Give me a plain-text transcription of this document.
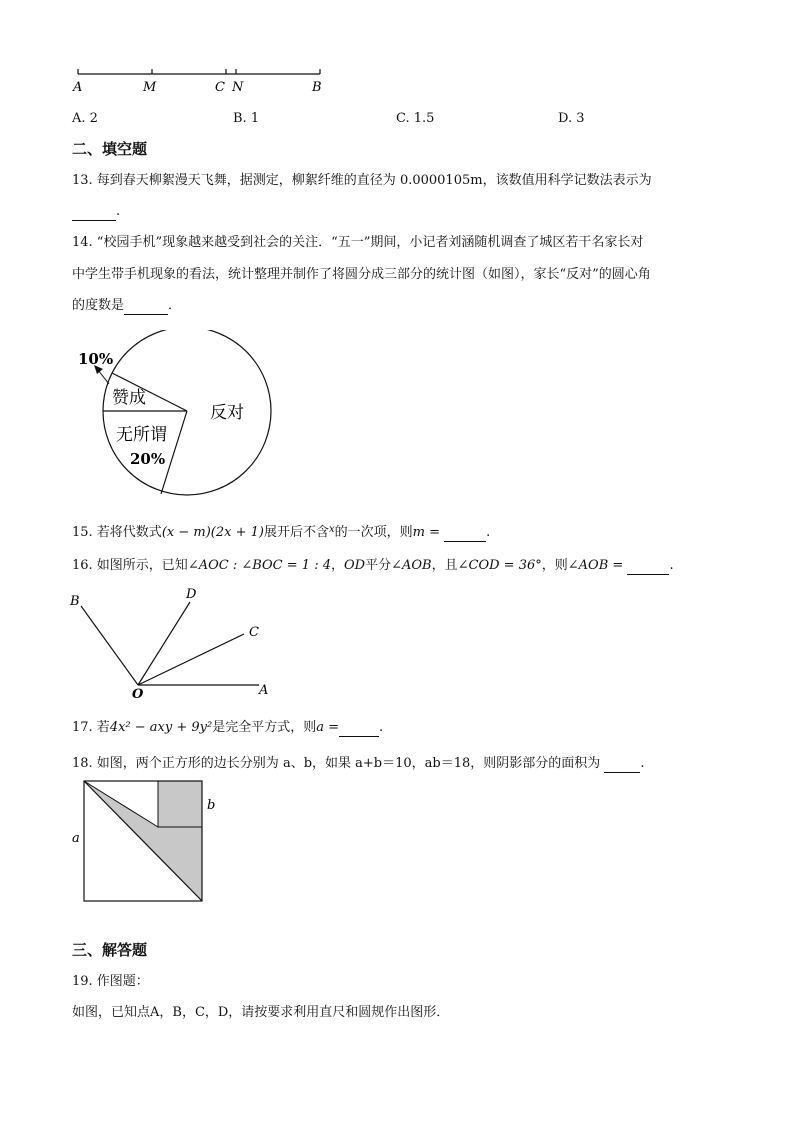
A	M	C N	B
A. 2	B. 1	C. 1.5	D. 3
二、填空题
13. 每到春天柳絮漫天飞舞，据测定，柳絮纤维的直径为 0.0000105m，该数值用科学记数法表示为
.
14. “校园手机”现象越来越受到社会的关注．“五一”期间，小记者刘涵随机调查了城区若干名家长对
中学生带手机现象的看法，统计整理并制作了将圆分成三部分的统计图（如图），家长“反对”的圆心角
的度数是	．
10%
赞成
反对
无所谓
20%
15. 若将代数式(x − m)(2x + 1)展开后不含$^x$的一次项，则m =	.
16. 如图所示，已知∠AOC : ∠BOC = 1 : 4，OD平分∠AOB，且∠COD = 36°，则∠AOB =	.
B	D
C
O	A
17. 若4x² − axy + 9y²是完全平方式，则a =	.
18. 如图，两个正方形的边长分别为 a、b，如果 a+b＝10，ab＝18，则阴影部分的面积为	.
b
a
三、解答题
19. 作图题：
如图，已知点A，B，C，D，请按要求利用直尺和圆规作出图形．
